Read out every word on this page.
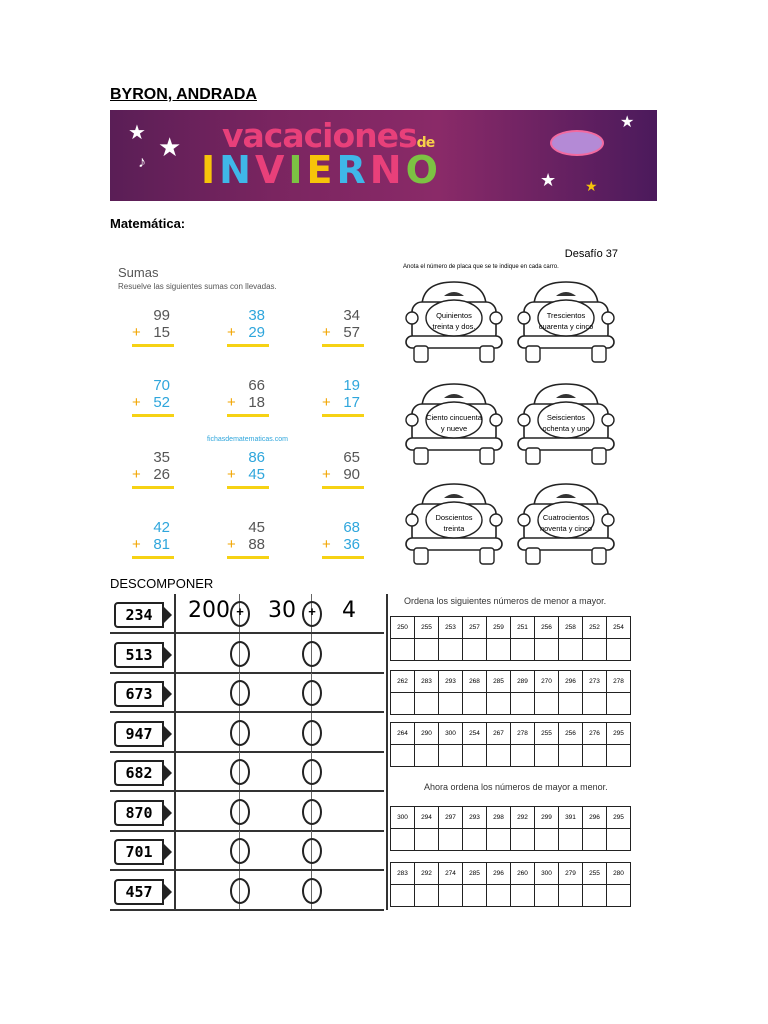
BYRON, ANDRADA
★ ★
♪
★ ★
★
vacacionesde
INVIERNO
Matemática:
Sumas
Resuelve las siguientes sumas con llevadas.
99
+ 15
38
+ 29
34
+ 57
70
+ 52
66
+ 18
19
+ 17
35
+ 26
86
+ 45
65
+ 90
42
+ 81
45
+ 88
68
+ 36
fichasdematematicas.com
Desafío 37
Anota el número de placa que se te indique en cada carro.
Quinientos treinta y dos.
Trescientos cuarenta y cinco
Ciento cincuenta y nueve
Seiscientos ochenta y uno
Doscientos treinta
Cuatrocientos noventa y cinco
DESCOMPONER
234	200 30 4
+	+
513
673
947
682
870
701
457
Ordena los siguientes números de menor a mayor.
Ahora ordena los números de mayor a menor.
250	255	253	257	259	251	256	258	252	254

262	283	293	268	285	289	270	296	273	278

264	290	300	254	267	278	255	256	276	295

300	294	297	293	298	292	299	391	296	295

283	292	274	285	296	260	300	279	255	280
